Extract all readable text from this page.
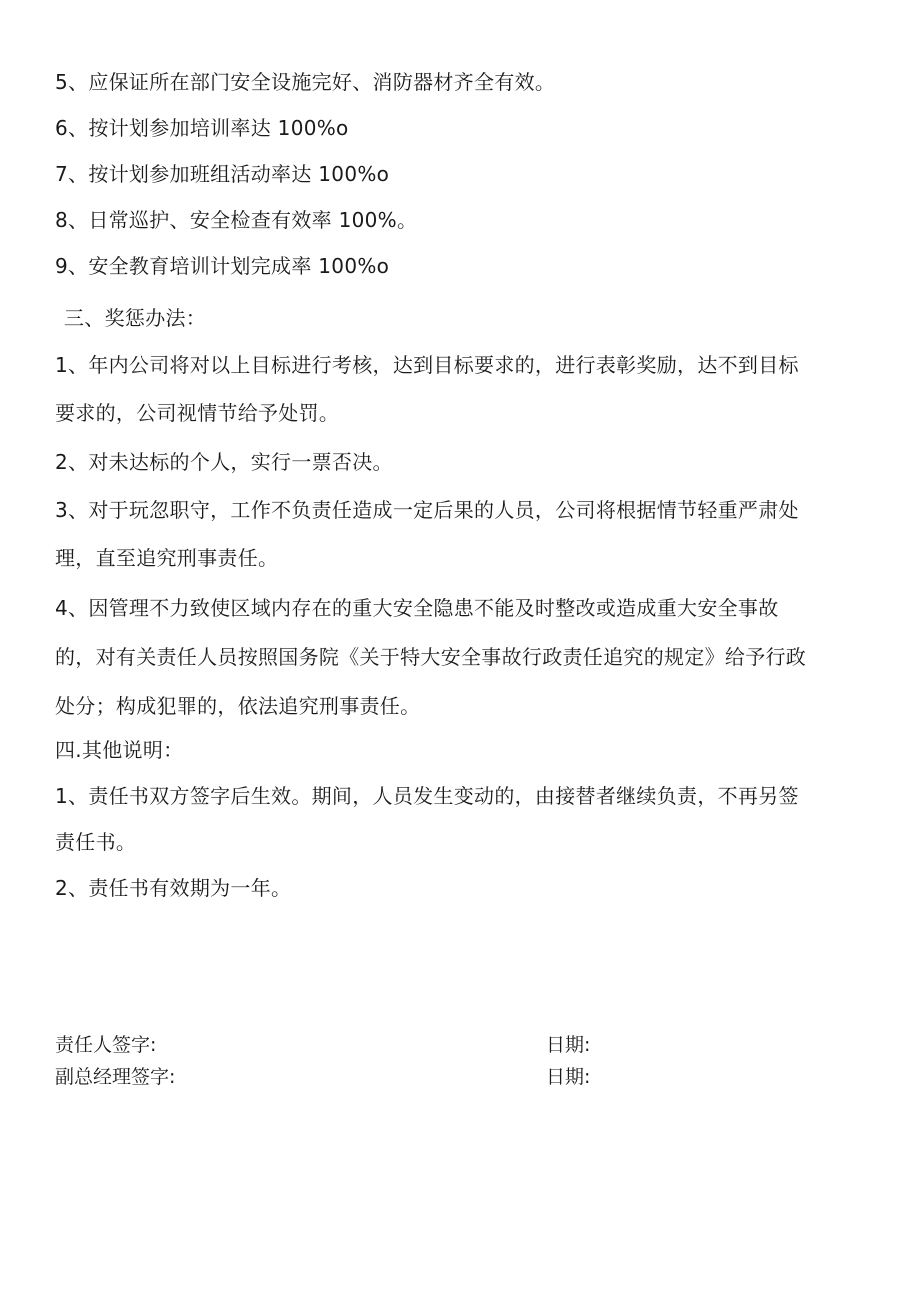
5、应保证所在部门安全设施完好、消防器材齐全有效。
6、按计划参加培训率达 100%o
7、按计划参加班组活动率达 100%o
8、日常巡护、安全检查有效率 100%。
9、安全教育培训计划完成率 100%o
三、奖惩办法：
1、年内公司将对以上目标进行考核，达到目标要求的，进行表彰奖励，达不到目标
要求的，公司视情节给予处罚。
2、对未达标的个人，实行一票否决。
3、对于玩忽职守，工作不负责任造成一定后果的人员，公司将根据情节轻重严肃处
理，直至追究刑事责任。
4、因管理不力致使区域内存在的重大安全隐患不能及时整改或造成重大安全事故
的，对有关责任人员按照国务院《关于特大安全事故行政责任追究的规定》给予行政
处分；构成犯罪的，依法追究刑事责任。
四.其他说明：
1、责任书双方签字后生效。期间，人员发生变动的，由接替者继续负责，不再另签
责任书。
2、责任书有效期为一年。
责任人签字:	日期:
副总经理签字:	日期:
